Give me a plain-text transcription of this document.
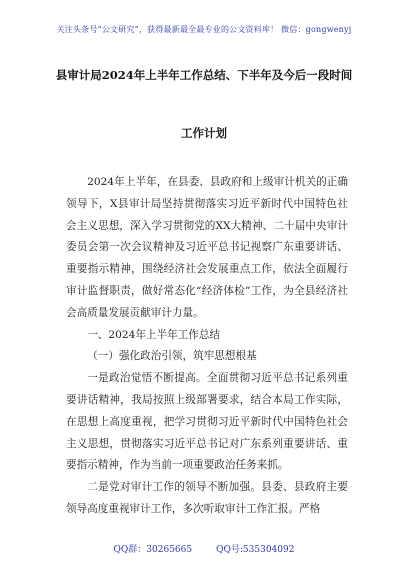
关注头条号“公文研究”，获得最新最全最专业的公文资料库！ 微信：gongwenyj
县审计局2024年上半年工作总结、下半年及今后一段时间
工作计划

2024年上半年，在县委、县政府和上级审计机关的正确领导下，X县审计局坚持贯彻落实习近平新时代中国特色社会主义思想，深入学习贯彻党的XX大精神、二十届中央审计委员会第一次会议精神及习近平总书记视察广东重要讲话、重要指示精神，围绕经济社会发展重点工作，依法全面履行审计监督职责，做好常态化“经济体检”工作，为全县经济社会高质量发展贡献审计力量。

一、2024年上半年工作总结

（一）强化政治引领，筑牢思想根基

一是政治觉悟不断提高。全面贯彻习近平总书记系列重要讲话精神，我局按照上级部署要求，结合本局工作实际，在思想上高度重视，把学习贯彻习近平新时代中国特色社会主义思想，贯彻落实习近平总书记对广东系列重要讲话、重要指示精神，作为当前一项重要政治任务来抓。

二是党对审计工作的领导不断加强。县委、县政府主要领导高度重视审计工作，多次听取审计工作汇报。严格

QQ群：30265665	QQ号:535304092
